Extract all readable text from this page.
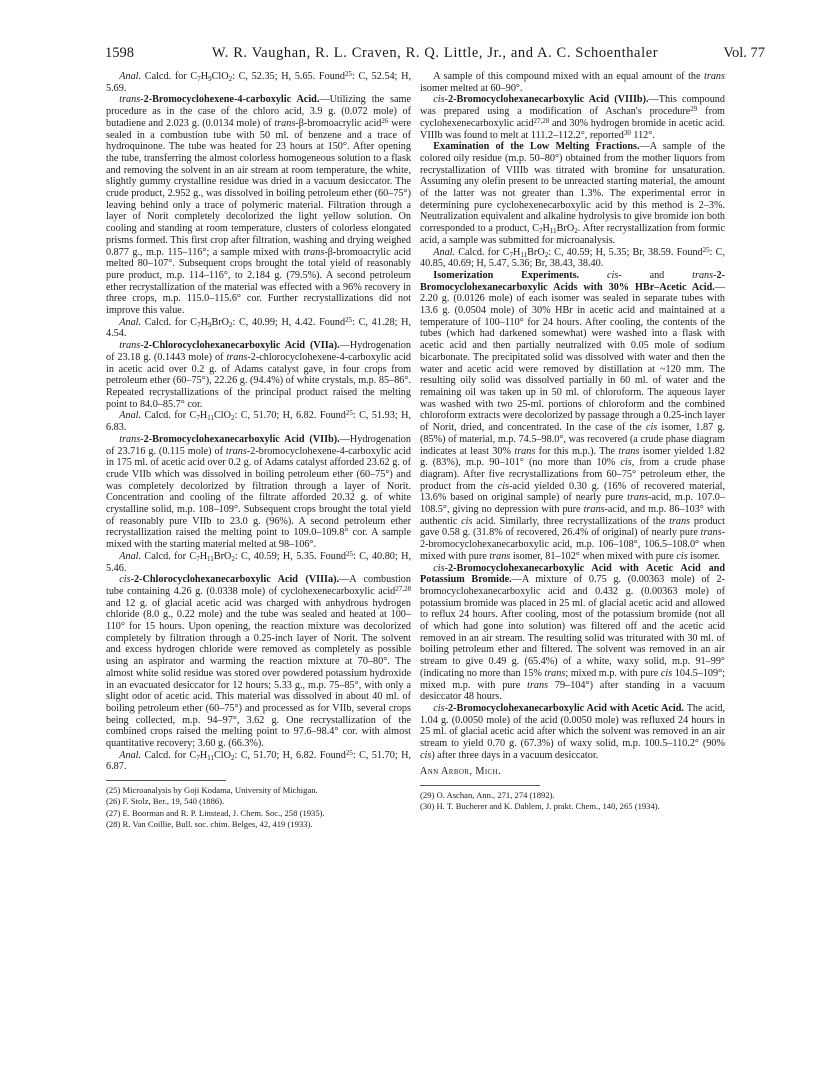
1598	W. R. Vaughan, R. L. Craven, R. Q. Little, Jr., and A. C. Schoenthaler	Vol. 77

Anal. Calcd. for $C_7H_9ClO_2$: C, 52.35; H, 5.65. Found$^{25}$: C, 52.54; H, 5.69.

trans-2-Bromocyclohexene-4-carboxylic Acid.—Utilizing the same procedure as in the case of the chloro acid, 3.9 g. (0.072 mole) of butadiene and 2.023 g. (0.0134 mole) of trans-β-bromoacrylic acid$^{26}$ were sealed in a combustion tube with 50 ml. of benzene and a trace of hydroquinone. The tube was heated for 23 hours at 150°. After opening the tube, transferring the almost colorless homogeneous solution to a flask and removing the solvent in an air stream at room temperature, the white, slightly gummy crystalline residue was dried in a vacuum desiccator. The crude product, 2.952 g., was dissolved in boiling petroleum ether (60–75°) leaving behind only a trace of polymeric material. Filtration through a layer of Norit completely decolorized the light yellow solution. On cooling and standing at room temperature, clusters of colorless elongated prisms formed. This first crop after filtration, washing and drying weighed 0.877 g., m.p. 115–116°; a sample mixed with trans-β-bromoacrylic acid melted 80–107°. Subsequent crops brought the total yield of reasonably pure product, m.p. 114–116°, to 2.184 g. (79.5%). A second petroleum ether recrystallization of the material was effected with a 96% recovery in three crops, m.p. 115.0–115.6° cor. Further recrystallizations did not improve this value.

Anal. Calcd. for $C_7H_9BrO_2$: C, 40.99; H, 4.42. Found$^{25}$: C, 41.28; H, 4.54.

trans-2-Chlorocyclohexanecarboxylic Acid (VIIa).—Hydrogenation of 23.18 g. (0.1443 mole) of trans-2-chlorocyclohexene-4-carboxylic acid in acetic acid over 0.2 g. of Adams catalyst gave, in four crops from petroleum ether (60–75°), 22.26 g. (94.4%) of white crystals, m.p. 85–86°. Repeated recrystallizations of the principal product raised the melting point to 84.0–85.7° cor.

Anal. Calcd. for $C_7H_{11}ClO_2$: C, 51.70; H, 6.82. Found$^{25}$: C, 51.93; H, 6.83.

trans-2-Bromocyclohexanecarboxylic Acid (VIIb).—Hydrogenation of 23.716 g. (0.115 mole) of trans-2-bromocyclohexene-4-carboxylic acid in 175 ml. of acetic acid over 0.2 g. of Adams catalyst afforded 23.62 g. of crude VIIb which was dissolved in boiling petroleum ether (60–75°) and was completely decolorized by filtration through a layer of Norit. Concentration and cooling of the filtrate afforded 20.32 g. of white crystalline solid, m.p. 108–109°. Subsequent crops brought the total yield of reasonably pure VIIb to 23.0 g. (96%). A second petroleum ether recrystallization raised the melting point to 109.0–109.8° cor. A sample mixed with the starting material melted at 98–106°.

Anal. Calcd. for $C_7H_{11}BrO_2$: C, 40.59; H, 5.35. Found$^{25}$: C, 40.80; H, 5.46.

cis-2-Chlorocyclohexanecarboxylic Acid (VIIIa).—A combustion tube containing 4.26 g. (0.0338 mole) of cyclohexenecarboxylic acid$^{27,28}$ and 12 g. of glacial acetic acid was charged with anhydrous hydrogen chloride (8.0 g., 0.22 mole) and the tube was sealed and heated at 100–110° for 15 hours. Upon opening, the reaction mixture was decolorized completely by filtration through a 0.25-inch layer of Norit. The solvent and excess hydrogen chloride were removed as completely as possible using an aspirator and warming the reaction mixture at 70–80°. The almost white solid residue was stored over powdered potassium hydroxide in an evacuated desiccator for 12 hours; 5.33 g., m.p. 75–85°, with only a slight odor of acetic acid. This material was dissolved in about 40 ml. of boiling petroleum ether (60–75°) and processed as for VIIb, several crops being collected, m.p. 94–97°, 3.62 g. One recrystallization of the combined crops raised the melting point to 97.6–98.4° cor. with almost quantitative recovery; 3.60 g. (66.3%).

Anal. Calcd. for $C_7H_{11}ClO_2$: C, 51.70; H, 6.82. Found$^{25}$: C, 51.70; H, 6.87.

(25) Microanalysis by Goji Kodama, University of Michigan.
(26) F. Stolz, Ber., 19, 540 (1886).
(27) E. Boorman and R. P. Linstead, J. Chem. Soc., 258 (1935).
(28) R. Van Coillie, Bull. soc. chim. Belges, 42, 419 (1933).

A sample of this compound mixed with an equal amount of the trans isomer melted at 60–90°.

cis-2-Bromocyclohexanecarboxylic Acid (VIIIb).—This compound was prepared using a modification of Aschan's procedure$^{29}$ from cyclohexenecarboxylic acid$^{27,28}$ and 30% hydrogen bromide in acetic acid. VIIIb was found to melt at 111.2–112.2°, reported$^{30}$ 112°.

Examination of the Low Melting Fractions.—A sample of the colored oily residue (m.p. 50–80°) obtained from the mother liquors from recrystallization of VIIIb was titrated with bromine for unsaturation. Assuming any olefin present to be unreacted starting material, the amount of the latter was not greater than 1.3%. The experimental error in determining pure cyclohexenecarboxylic acid by this method is 2–3%. Neutralization equivalent and alkaline hydrolysis to give bromide ion both corresponded to a product, $C_7H_{11}BrO_2$. After recrystallization from formic acid, a sample was submitted for microanalysis.

Anal. Calcd. for $C_7H_{11}BrO_2$: C, 40.59; H, 5.35; Br, 38.59. Found$^{25}$: C, 40.85, 40.69; H, 5.47, 5.36; Br, 38.43, 38.40.

Isomerization Experiments.	cis- and trans-2-Bromocyclohexanecarboxylic Acids with 30% HBr–Acetic Acid.—2.20 g. (0.0126 mole) of each isomer was sealed in separate tubes with 13.6 g. (0.0504 mole) of 30% HBr in acetic acid and maintained at a temperature of 100–110° for 24 hours. After cooling, the contents of the tubes (which had darkened somewhat) were washed into a flask with acetic acid and then partially neutralized with 0.05 mole of sodium bicarbonate. The precipitated solid was dissolved with water and then the water and acetic acid were removed by distillation at ~120 mm. The resulting oily solid was dissolved partially in 60 ml. of water and the remaining oil was taken up in 50 ml. of chloroform. The aqueous layer was washed with two 25-ml. portions of chloroform and the combined chloroform extracts were decolorized by passage through a 0.25-inch layer of Norit, dried, and concentrated. In the case of the cis isomer, 1.87 g. (85%) of material, m.p. 74.5–98.0°, was recovered (a crude phase diagram indicates at least 30% trans for this m.p.). The trans isomer yielded 1.82 g. (83%), m.p. 90–101° (no more than 10% cis, from a crude phase diagram). After five recrystallizations from 60–75° petroleum ether, the product from the cis-acid yielded 0.30 g. (16% of recovered material, 13.6% based on original sample) of nearly pure trans-acid, m.p. 107.0–108.5°, giving no depression with pure trans-acid, and m.p. 86–103° with authentic cis acid. Similarly, three recrystallizations of the trans product gave 0.58 g. (31.8% of recovered, 26.4% of original) of nearly pure trans-2-bromocyclohexanecarboxylic acid, m.p. 106–108°, 106.5–108.0° when mixed with pure trans isomer, 81–102° when mixed with pure cis isomer.

cis-2-Bromocyclohexanecarboxylic Acid with Acetic Acid and Potassium Bromide.—A mixture of 0.75 g. (0.00363 mole) of 2-bromocyclohexanecarboxylic acid and 0.432 g. (0.00363 mole) of potassium bromide was placed in 25 ml. of glacial acetic acid and allowed to reflux 24 hours. After cooling, most of the potassium bromide (not all of which had gone into solution) was filtered off and the acetic acid removed in an air stream. The resulting solid was triturated with 30 ml. of boiling petroleum ether and filtered. The solvent was removed in an air stream to give 0.49 g. (65.4%) of a white, waxy solid, m.p. 91–99° (indicating no more than 15% trans; mixed m.p. with pure cis 104.5–109°; mixed m.p. with pure trans 79–104°) after standing in a vacuum desiccator 48 hours.

cis-2-Bromocyclohexanecarboxylic Acid with Acetic Acid. The acid, 1.04 g. (0.0050 mole) of the acid (0.0050 mole) was refluxed 24 hours in 25 ml. of glacial acetic acid after which the solvent was removed in an air stream to yield 0.70 g. (67.3%) of waxy solid, m.p. 100.5–110.2° (90% cis) after three days in a vacuum desiccator.

Ann Arbor, Mich.
(29) O. Aschan, Ann., 271, 274 (1892).
(30) H. T. Bucherer and K. Dahlem, J. prakt. Chem., 140, 265 (1934).
